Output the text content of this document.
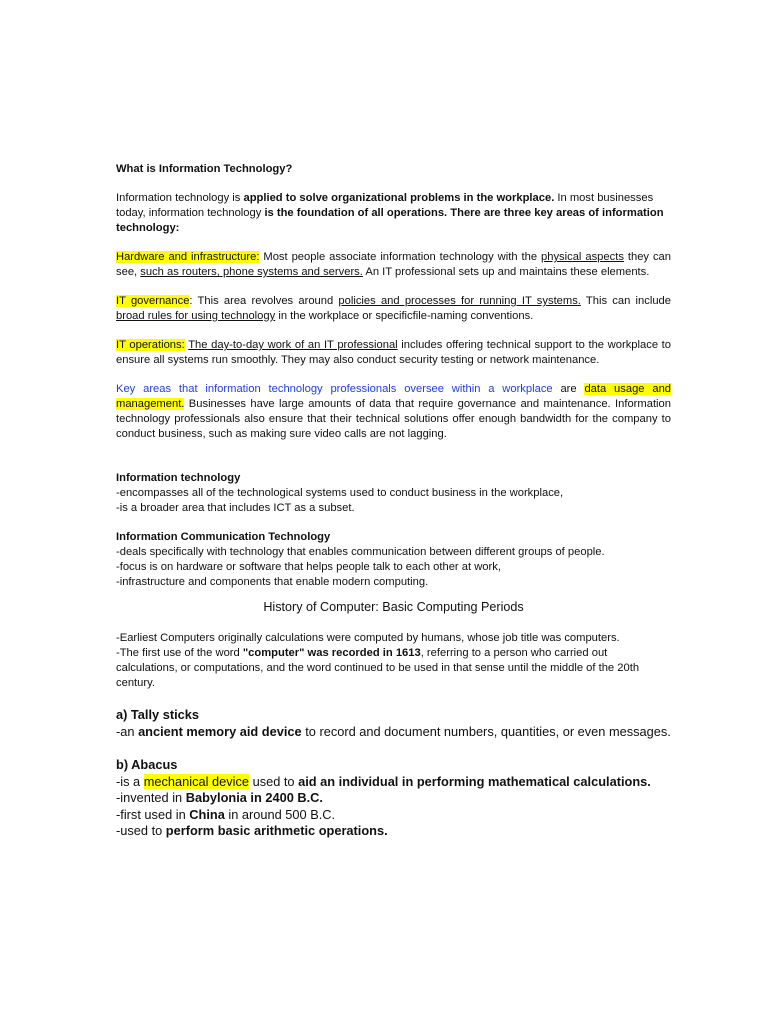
What is Information Technology?

Information technology is applied to solve organizational problems in the workplace. In most businesses today, information technology is the foundation of all operations. There are three key areas of information technology:

Hardware and infrastructure: Most people associate information technology with the physical aspects they can see, such as routers, phone systems and servers. An IT professional sets up and maintains these elements.

IT governance: This area revolves around policies and processes for running IT systems. This can include broad rules for using technology in the workplace or specificfile-naming conventions.

IT operations: The day-to-day work of an IT professional includes offering technical support to the workplace to ensure all systems run smoothly. They may also conduct security testing or network maintenance.

Key areas that information technology professionals oversee within a workplace are data usage and management. Businesses have large amounts of data that require governance and maintenance. Information technology professionals also ensure that their technical solutions offer enough bandwidth for the company to conduct business, such as making sure video calls are not lagging.

Information technology

-encompasses all of the technological systems used to conduct business in the workplace,

-is a broader area that includes ICT as a subset.

Information Communication Technology

-deals specifically with technology that enables communication between different groups of people.

-focus is on hardware or software that helps people talk to each other at work,

-infrastructure and components that enable modern computing.

History of Computer: Basic Computing Periods

-Earliest Computers originally calculations were computed by humans, whose job title was computers.

-The first use of the word "computer" was recorded in 1613, referring to a person who carried out calculations, or computations, and the word continued to be used in that sense until the middle of the 20th century.

a) Tally sticks

-an ancient memory aid device to record and document numbers, quantities, or even messages.

b) Abacus

-is a mechanical device used to aid an individual in performing mathematical calculations.

-invented in Babylonia in 2400 B.C.

-first used in China in around 500 B.C.

-used to perform basic arithmetic operations.
